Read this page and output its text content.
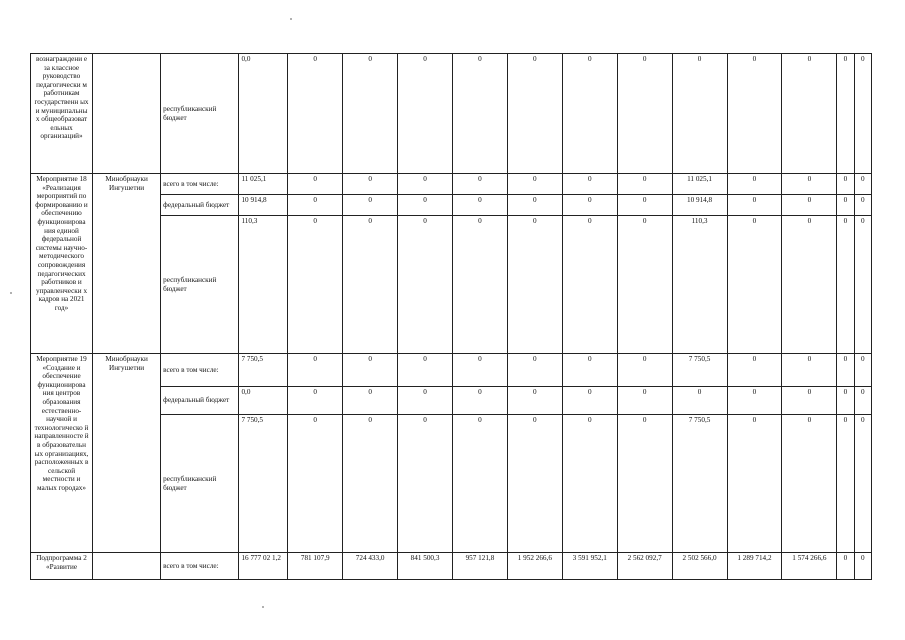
вознаграждени е за классное руководство педагогически м работникам государственн ых и муниципальны х общеобразоват ельных организаций»		республиканский бюджет	0,0	0	0	0	0	0	0	0	0	0	0	0	0
Мероприятие 18 «Реализация мероприятий по формированию и обеспечению функционирова ния единой федеральной системы научно-методического сопровождения педагогических работников и управленчески х кадров на 2021 год»	Минобрнауки Ингушетии	всего в том числе:	11 025,1	0	0	0	0	0	0	0	11 025,1	0	0	0	0
		федеральный бюджет	10 914,8	0	0	0	0	0	0	0	10 914,8	0	0	0	0
		республиканский бюджет	110,3	0	0	0	0	0	0	0	110,3	0	0	0	0
Мероприятие 19 «Создание и обеспечение функционирова ния центров образования естественно-научной и технологическо й направленносте й в образовательн ых организациях, расположенных в сельской местности и малых городах»	Минобрнауки Ингушетии	всего в том числе:	7 750,5	0	0	0	0	0	0	0	7 750,5	0	0	0	0
		федеральный бюджет	0,0	0	0	0	0	0	0	0	0	0	0	0	0
		республиканский бюджет	7 750,5	0	0	0	0	0	0	0	7 750,5	0	0	0	0
Подпрограмма 2 «Развитие		всего в том числе:	16 777 02 1,2	781 107,9	724 433,0	841 500,3	957 121,8	1 952 266,6	3 591 952,1	2 562 092,7	2 502 566,0	1 289 714,2	1 574 266,6	0	0
